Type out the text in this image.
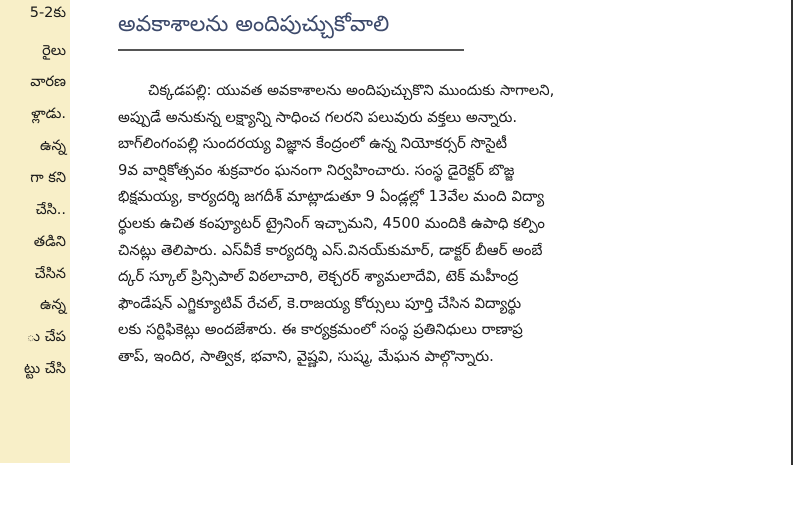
5-2కు
రైలు
వారణ
ళ్లాడు.
ఉన్న
గా కని
చేసి..
తడిని
చేసిన
ఉన్న
ు చేప
ట్టు చేసి
అవకాశాలను అందిపుచ్చుకోవాలి
చిక్కడపల్లి: యువత అవకాశాలను అందిపుచ్చుకొని ముందుకు సాగాలని,
అప్పుడే అనుకున్న లక్ష్యాన్ని సాధించ గలరని పలువురు వక్తలు అన్నారు.
బాగ్‌లింగంపల్లి సుందరయ్య విజ్ఞాన కేంద్రంలో ఉన్న నియోకర్సర్ సొసైటీ
9వ వార్షికోత్సవం శుక్రవారం ఘనంగా నిర్వహించారు. సంస్థ డైరెక్టర్ బొజ్జ
భిక్షమయ్య, కార్యదర్శి జగదీశ్ మాట్లాడుతూ 9 ఏండ్లల్లో 13వేల మంది విద్యా
ర్థులకు ఉచిత కంప్యూటర్ ట్రైనింగ్ ఇచ్చామని, 4500 మందికి ఉపాధి కల్పిం
చినట్లు తెలిపారు. ఎస్‌వీకే కార్యదర్శి ఎస్.వినయ్‌కుమార్, డాక్టర్ బీఆర్ అంబే
ద్కర్ స్కూల్ ప్రిన్సిపాల్ విఠలాచారి, లెక్చరర్ శ్యామలాదేవి, టెక్ మహీంద్ర
ఫౌండేషన్ ఎగ్జిక్యూటివ్ రేచల్, కె.రాజయ్య కోర్సులు పూర్తి చేసిన విద్యార్థు
లకు సర్టిఫికెట్లు అందజేశారు. ఈ కార్యక్రమంలో సంస్థ ప్రతినిధులు రాణాప్ర
తాప్, ఇందిర, సాత్విక, భవాని, వైష్ణవి, సుష్మ, మేఘన పాల్గొన్నారు.
